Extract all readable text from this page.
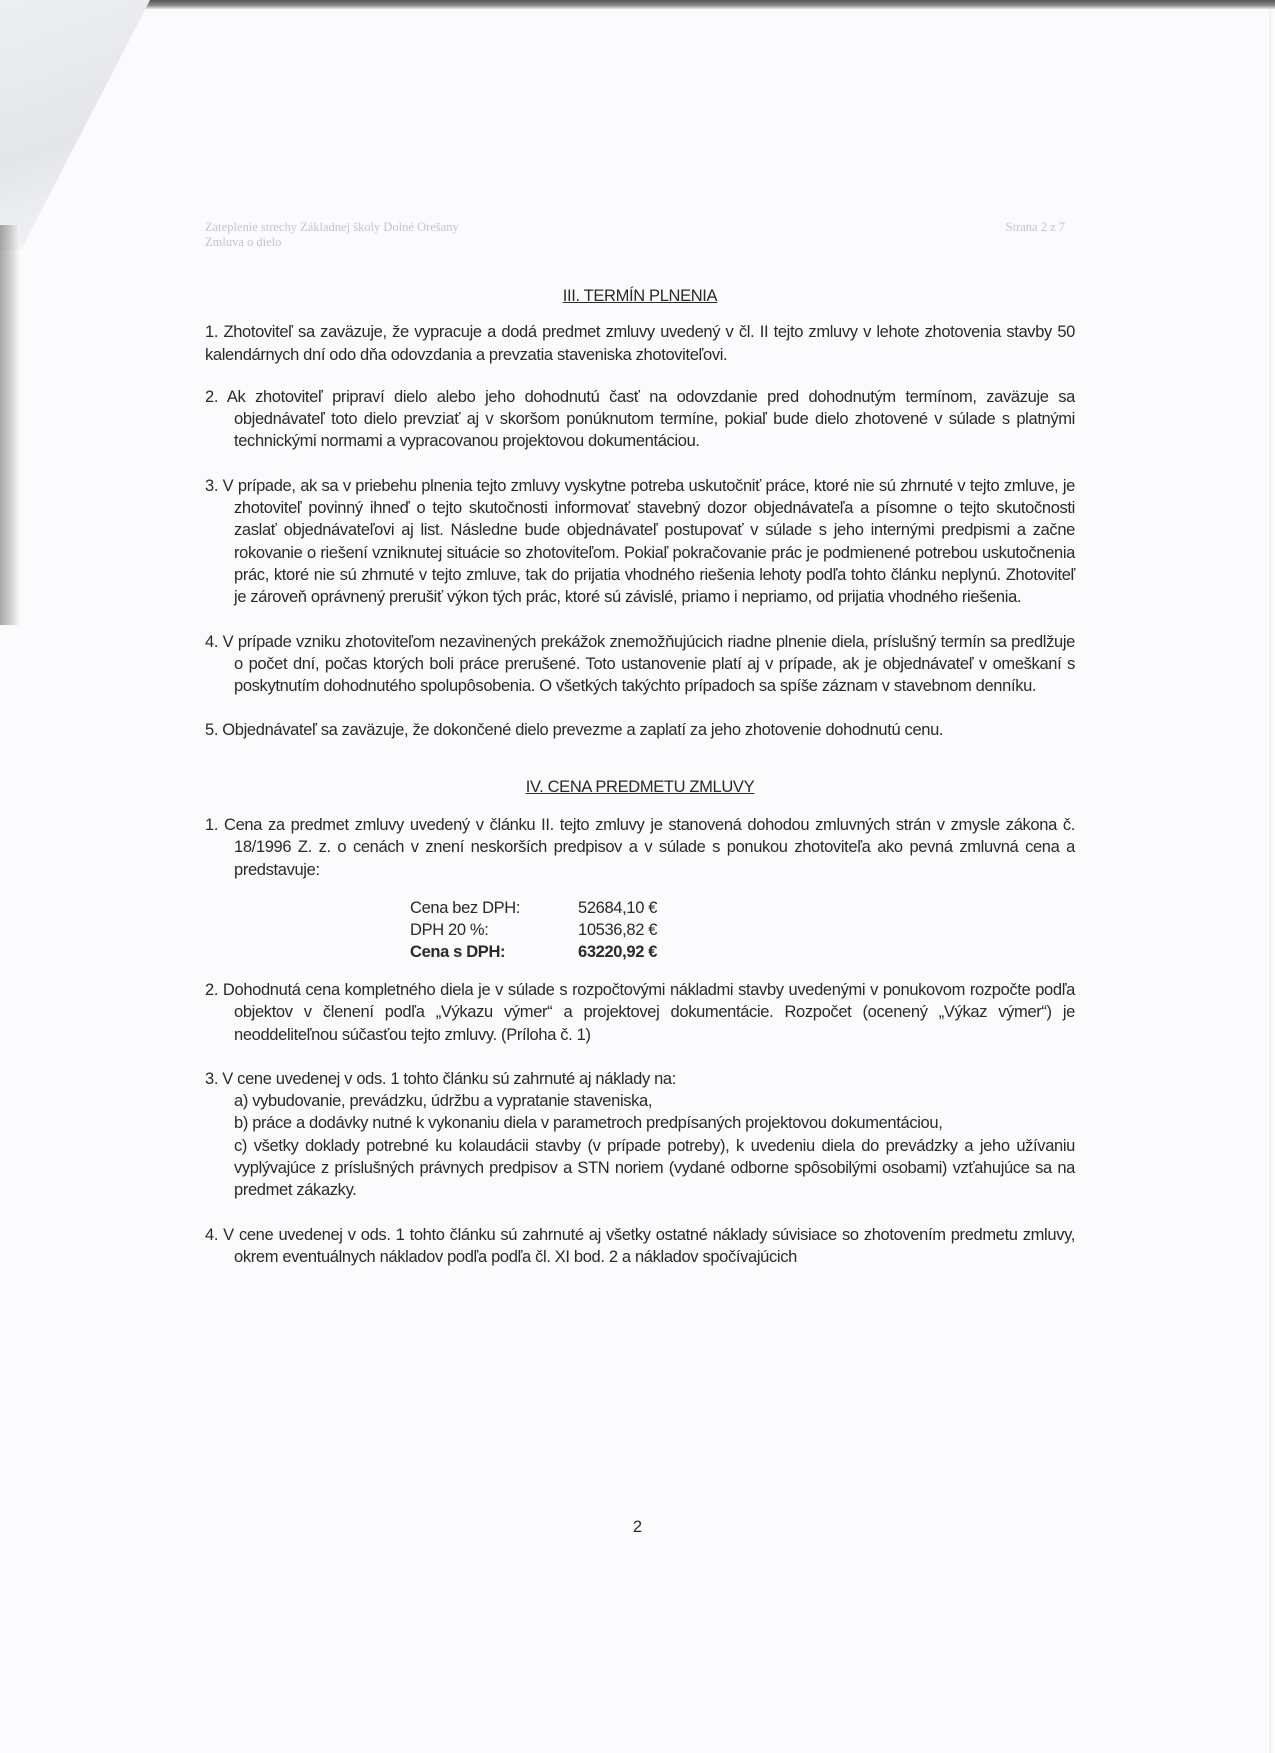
Zateplenie strechy Základnej školy Dolné Orešany
Zmluva o dielo
Strana 2 z 7
III. TERMÍN PLNENIA

1. Zhotoviteľ sa zaväzuje, že vypracuje a dodá predmet zmluvy uvedený v čl. II tejto zmluvy v lehote zhotovenia stavby 50 kalendárnych dní odo dňa odovzdania a prevzatia staveniska zhotoviteľovi.

2. Ak zhotoviteľ pripraví dielo alebo jeho dohodnutú časť na odovzdanie pred dohodnutým termínom, zaväzuje sa objednávateľ toto dielo prevziať aj v skoršom ponúknutom termíne, pokiaľ bude dielo zhotovené v súlade s platnými technickými normami a vypracovanou projektovou dokumentáciou.

3. V prípade, ak sa v priebehu plnenia tejto zmluvy vyskytne potreba uskutočniť práce, ktoré nie sú zhrnuté v tejto zmluve, je zhotoviteľ povinný ihneď o tejto skutočnosti informovať stavebný dozor objednávateľa a písomne o tejto skutočnosti zaslať objednávateľovi aj list. Následne bude objednávateľ postupovať v súlade s jeho internými predpismi a začne rokovanie o riešení vzniknutej situácie so zhotoviteľom. Pokiaľ pokračovanie prác je podmienené potrebou uskutočnenia prác, ktoré nie sú zhrnuté v tejto zmluve, tak do prijatia vhodného riešenia lehoty podľa tohto článku neplynú. Zhotoviteľ je zároveň oprávnený prerušiť výkon tých prác, ktoré sú závislé, priamo i nepriamo, od prijatia vhodného riešenia.

4. V prípade vzniku zhotoviteľom nezavinených prekážok znemožňujúcich riadne plnenie diela, príslušný termín sa predlžuje o počet dní, počas ktorých boli práce prerušené. Toto ustanovenie platí aj v prípade, ak je objednávateľ v omeškaní s poskytnutím dohodnutého spolupôsobenia. O všetkých takýchto prípadoch sa spíše záznam v stavebnom denníku.

5. Objednávateľ sa zaväzuje, že dokončené dielo prevezme a zaplatí za jeho zhotovenie dohodnutú cenu.

IV. CENA PREDMETU ZMLUVY

1. Cena za predmet zmluvy uvedený v článku II. tejto zmluvy je stanovená dohodou zmluvných strán v zmysle zákona č. 18/1996 Z. z. o cenách v znení neskorších predpisov a v súlade s ponukou zhotoviteľa ako pevná zmluvná cena a predstavuje:

Cena bez DPH:	52684,10 €
DPH 20 %:	10536,82 €
Cena s DPH:	63220,92 €

2. Dohodnutá cena kompletného diela je v súlade s rozpočtovými nákladmi stavby uvedenými v ponukovom rozpočte podľa objektov v členení podľa „Výkazu výmer“ a projektovej dokumentácie. Rozpočet (ocenený „Výkaz výmer“) je neoddeliteľnou súčasťou tejto zmluvy. (Príloha č. 1)

3. V cene uvedenej v ods. 1 tohto článku sú zahrnuté aj náklady na:

a) vybudovanie, prevádzku, údržbu a vypratanie staveniska,

b) práce a dodávky nutné k vykonaniu diela v parametroch predpísaných projektovou dokumentáciou,

c) všetky doklady potrebné ku kolaudácii stavby (v prípade potreby), k uvedeniu diela do prevádzky a jeho užívaniu vyplývajúce z príslušných právnych predpisov a STN noriem (vydané odborne spôsobilými osobami) vzťahujúce sa na predmet zákazky.

4. V cene uvedenej v ods. 1 tohto článku sú zahrnuté aj všetky ostatné náklady súvisiace so zhotovením predmetu zmluvy, okrem eventuálnych nákladov podľa podľa čl. XI bod. 2 a nákladov spočívajúcich

2
